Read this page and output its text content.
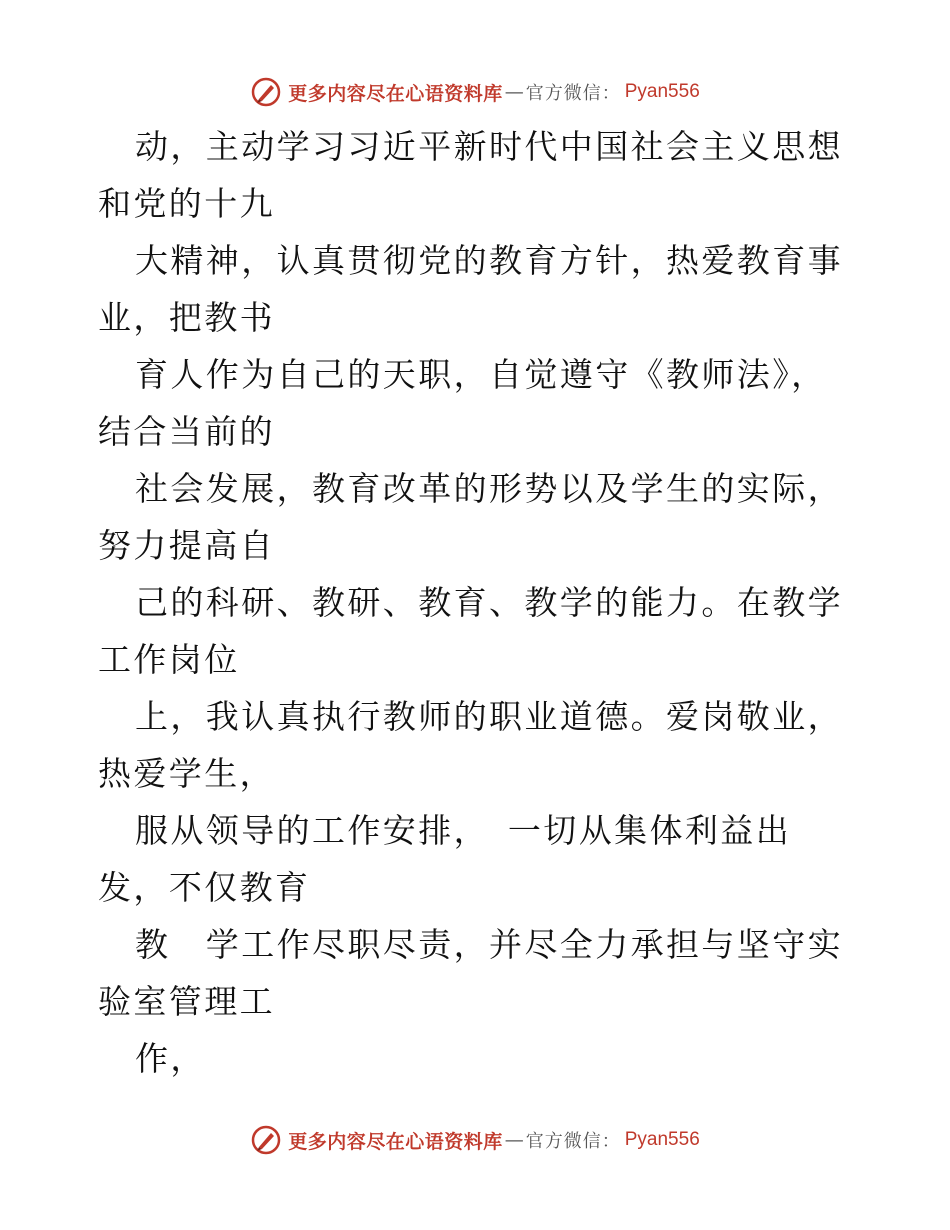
更多内容尽在心语资料库 — 官方微信： Pyan556

动，主动学习习近平新时代中国社会主义思想和党的十九

大精神，认真贯彻党的教育方针，热爱教育事业，把教书

育人作为自己的天职，自觉遵守《教师法》，结合当前的

社会发展，教育改革的形势以及学生的实际，努力提高自

己的科研、教研、教育、教学的能力。在教学工作岗位

上，我认真执行教师的职业道德。爱岗敬业，热爱学生，

服从领导的工作安排，　一切从集体利益出发，不仅教育

教　学工作尽职尽责，并尽全力承担与坚守实验室管理工

作，

更多内容尽在心语资料库 — 官方微信： Pyan556
